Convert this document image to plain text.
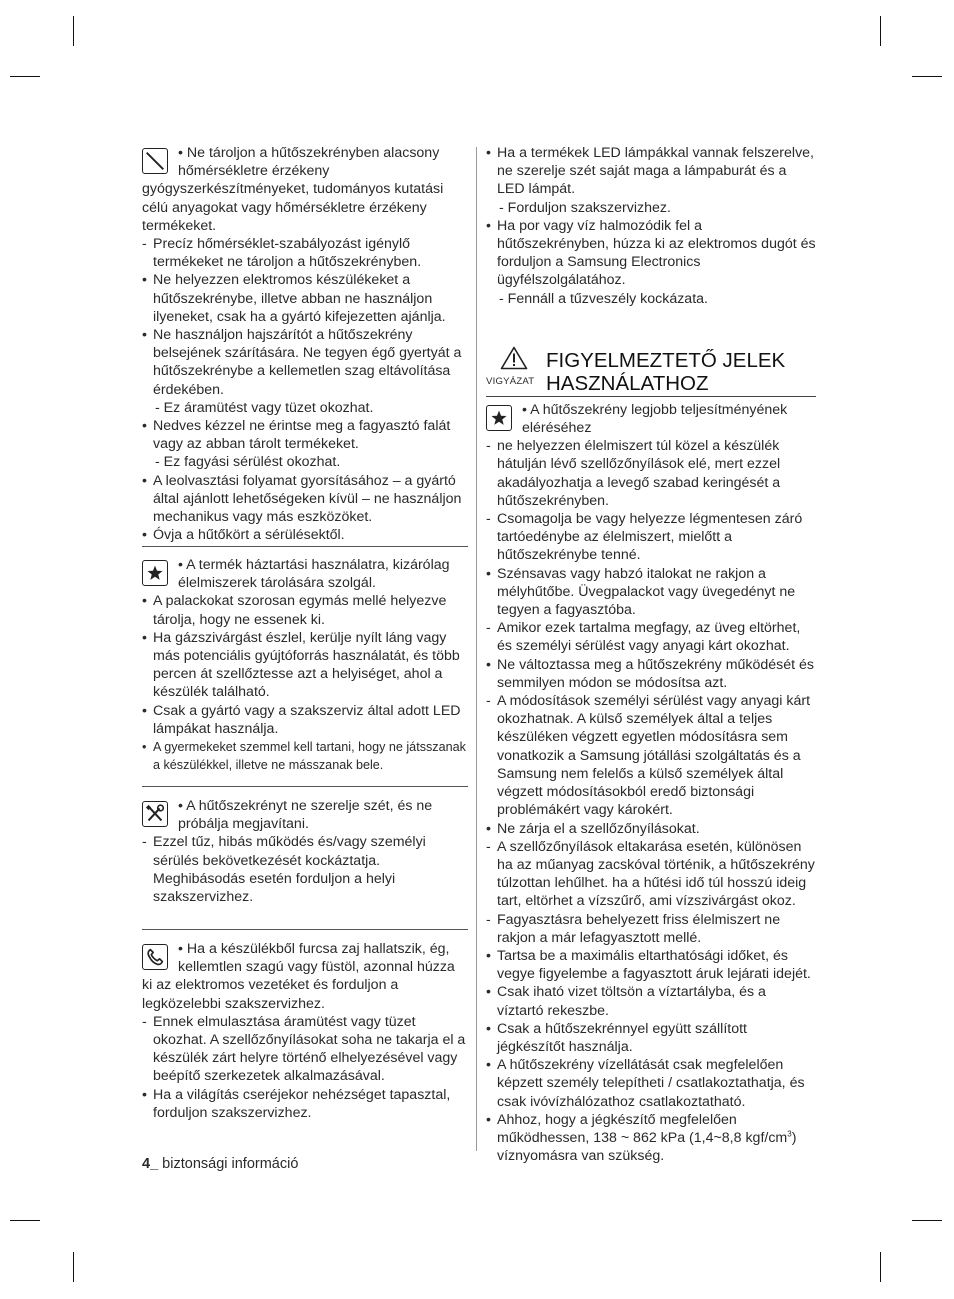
• Ne tároljon a hűtőszekrényben alacsony hőmérsékletre érzékeny gyógyszerkészítményeket, tudományos kutatási célú anyagokat vagy hőmérsékletre érzékeny termékeket.

- Precíz hőmérséklet-szabályozást igénylő termékeket ne tároljon a hűtőszekrényben.
• Ne helyezzen elektromos készülékeket a hűtőszekrénybe, illetve abban ne használjon ilyeneket, csak ha a gyártó kifejezetten ajánlja.
• Ne használjon hajszárítót a hűtőszekrény belsejének szárítására. Ne tegyen égő gyertyát a hűtőszekrénybe a kellemetlen szag eltávolítása érdekében.
- Ez áramütést vagy tüzet okozhat.
• Nedves kézzel ne érintse meg a fagyasztó falát vagy az abban tárolt termékeket.
- Ez fagyási sérülést okozhat.
• A leolvasztási folyamat gyorsításához – a gyártó által ajánlott lehetőségeken kívül – ne használjon mechanikus vagy más eszközöket.
• Óvja a hűtőkört a sérülésektől.

• A termék háztartási használatra, kizárólag élelmiszerek tárolására szolgál.

• A palackokat szorosan egymás mellé helyezve tárolja, hogy ne essenek ki.
• Ha gázszivárgást észlel, kerülje nyílt láng vagy más potenciális gyújtóforrás használatát, és több percen át szellőztesse azt a helyiséget, ahol a készülék található.
• Csak a gyártó vagy a szakszerviz által adott LED lámpákat használja.
• A gyermekeket szemmel kell tartani, hogy ne játsszanak a készülékkel, illetve ne másszanak bele.

• A hűtőszekrényt ne szerelje szét, és ne próbálja megjavítani.

- Ezzel tűz, hibás működés és/vagy személyi sérülés bekövetkezését kockáztatja. Meghibásodás esetén forduljon a helyi szakszervizhez.

• Ha a készülékből furcsa zaj hallatszik, ég, kellemtlen szagú vagy füstöl, azonnal húzza ki az elektromos vezetéket és forduljon a legközelebbi szakszervizhez.

- Ennek elmulasztása áramütést vagy tüzet okozhat. A szellőzőnyílásokat soha ne takarja el a készülék zárt helyre történő elhelyezésével vagy beépítő szerkezetek alkalmazásával.
• Ha a világítás cseréjekor nehézséget tapasztal, forduljon szakszervizhez.
• Ha a termékek LED lámpákkal vannak felszerelve, ne szerelje szét saját maga a lámpaburát és a LED lámpát.
- Forduljon szakszervizhez.
• Ha por vagy víz halmozódik fel a hűtőszekrényben, húzza ki az elektromos dugót és forduljon a Samsung Electronics ügyfélszolgálatához.
- Fennáll a tűzveszély kockázata.
VIGYÁZAT
FIGYELMEZTETŐ JELEK
HASZNÁLATHOZ

• A hűtőszekrény legjobb teljesítményének eléréséhez

- ne helyezzen élelmiszert túl közel a készülék hátulján lévő szellőzőnyílások elé, mert ezzel akadályozhatja a levegő szabad keringését a hűtőszekrényben.
- Csomagolja be vagy helyezze légmentesen záró tartóedénybe az élelmiszert, mielőtt a hűtőszekrénybe tenné.
• Szénsavas vagy habzó italokat ne rakjon a mélyhűtőbe. Üvegpalackot vagy üvegedényt ne tegyen a fagyasztóba.
- Amikor ezek tartalma megfagy, az üveg eltörhet, és személyi sérülést vagy anyagi kárt okozhat.
• Ne változtassa meg a hűtőszekrény működését és semmilyen módon se módosítsa azt.
- A módosítások személyi sérülést vagy anyagi kárt okozhatnak. A külső személyek által a teljes készüléken végzett egyetlen módosításra sem vonatkozik a Samsung jótállási szolgáltatás és a Samsung nem felelős a külső személyek által végzett módosításokból eredő biztonsági problémákért vagy károkért.
• Ne zárja el a szellőzőnyílásokat.
- A szellőzőnyílások eltakarása esetén, különösen ha az műanyag zacskóval történik, a hűtőszekrény túlzottan lehűlhet. ha a hűtési idő túl hosszú ideig tart, eltörhet a vízszűrő, ami vízszivárgást okoz.
- Fagyasztásra behelyezett friss élelmiszert ne rakjon a már lefagyasztott mellé.
• Tartsa be a maximális eltarthatósági időket, és vegye figyelembe a fagyasztott áruk lejárati idejét.
• Csak iható vizet töltsön a víztartályba, és a víztartó rekeszbe.
• Csak a hűtőszekrénnyel együtt szállított jégkészítőt használja.
• A hűtőszekrény vízellátását csak megfelelően képzett személy telepítheti / csatlakoztathatja, és csak ivóvízhálózathoz csatlakoztatható.
• Ahhoz, hogy a jégkészítő megfelelően működhessen, 138 ~ 862 kPa (1,4~8,8 kgf/$cm^3$) víznyomásra van szükség.
4_ biztonsági információ
